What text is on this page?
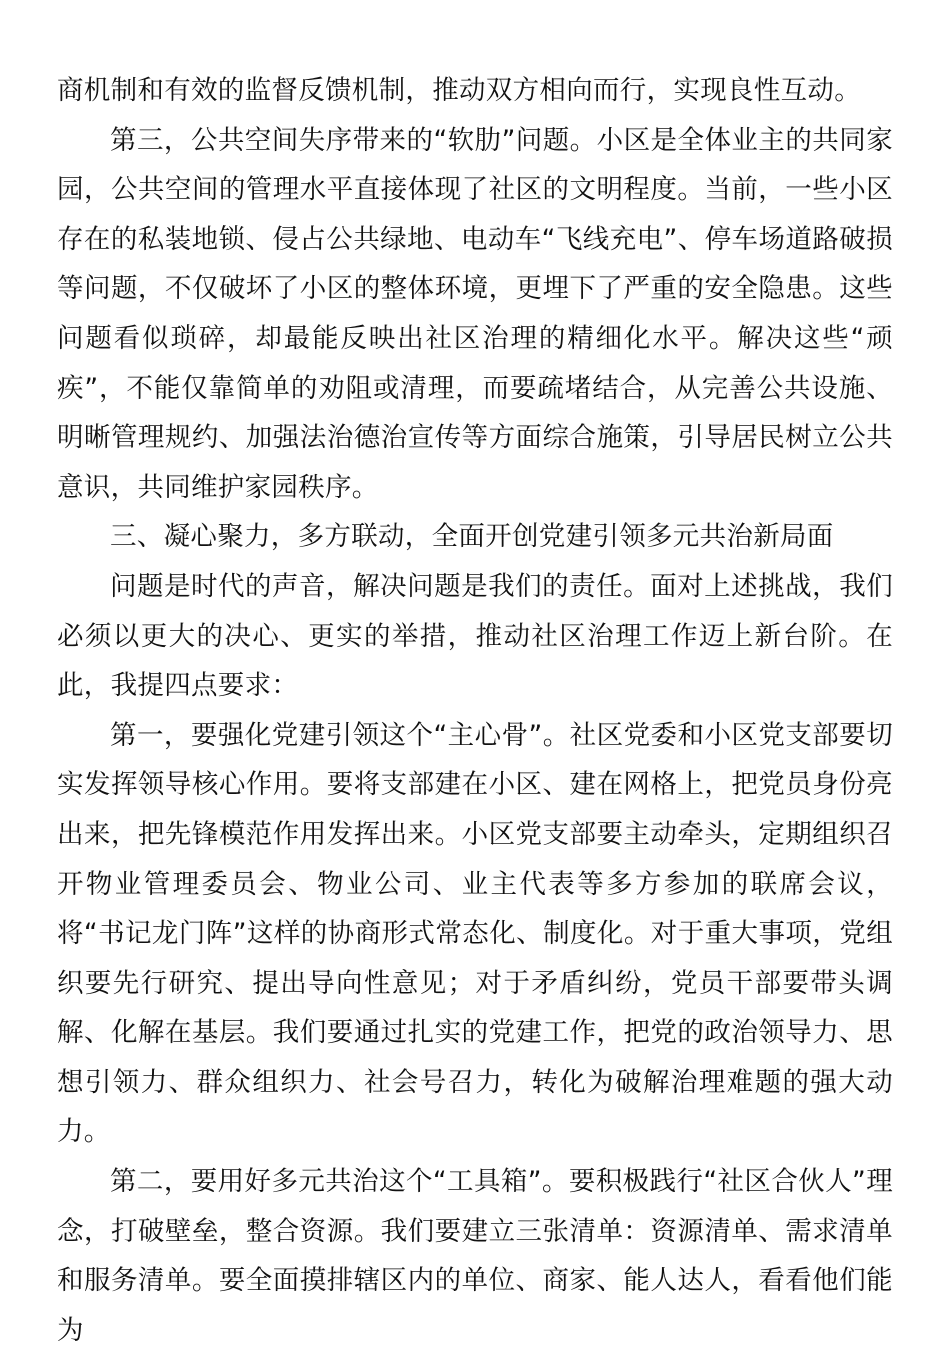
商机制和有效的监督反馈机制，推动双方相向而行，实现良性互动。

第三，公共空间失序带来的“软肋”问题。小区是全体业主的共同家园，公共空间的管理水平直接体现了社区的文明程度。当前，一些小区存在的私装地锁、侵占公共绿地、电动车“飞线充电”、停车场道路破损等问题，不仅破坏了小区的整体环境，更埋下了严重的安全隐患。这些问题看似琐碎，却最能反映出社区治理的精细化水平。解决这些“顽疾”，不能仅靠简单的劝阻或清理，而要疏堵结合，从完善公共设施、明晰管理规约、加强法治德治宣传等方面综合施策，引导居民树立公共意识，共同维护家园秩序。

三、凝心聚力，多方联动，全面开创党建引领多元共治新局面

问题是时代的声音，解决问题是我们的责任。面对上述挑战，我们必须以更大的决心、更实的举措，推动社区治理工作迈上新台阶。在此，我提四点要求：

第一，要强化党建引领这个“主心骨”。社区党委和小区党支部要切实发挥领导核心作用。要将支部建在小区、建在网格上，把党员身份亮出来，把先锋模范作用发挥出来。小区党支部要主动牵头，定期组织召开物业管理委员会、物业公司、业主代表等多方参加的联席会议，将“书记龙门阵”这样的协商形式常态化、制度化。对于重大事项，党组织要先行研究、提出导向性意见；对于矛盾纠纷，党员干部要带头调解、化解在基层。我们要通过扎实的党建工作，把党的政治领导力、思想引领力、群众组织力、社会号召力，转化为破解治理难题的强大动力。

第二，要用好多元共治这个“工具箱”。要积极践行“社区合伙人”理念，打破壁垒，整合资源。我们要建立三张清单：资源清单、需求清单和服务清单。要全面摸排辖区内的单位、商家、能人达人，看看他们能为
